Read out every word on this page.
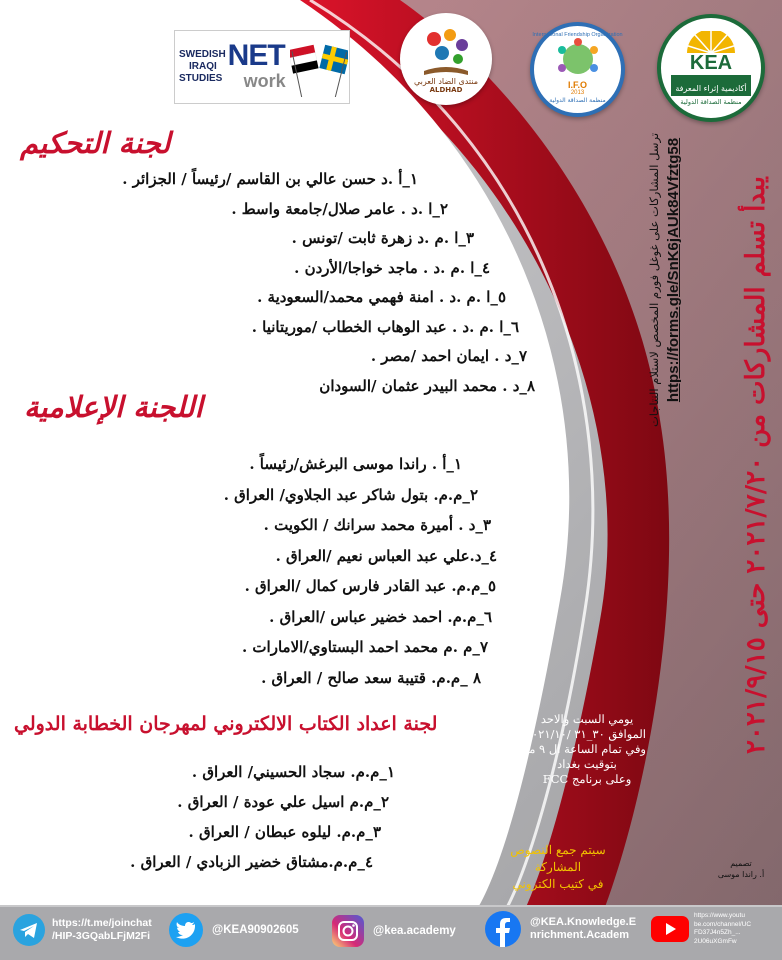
SWEDISH
IRAQI
STUDIES
NET
work	منتدى الضاد العربي
ALDHAD
International Friendship Organization
I.F.O
2013
منظمة الصداقة الدولية
KEA
أكاديمية إثراء المعرفة
منظمة الصداقة الدولية
لجنة التحكيم
١_أ .د حسن عالي بن القاسم /رئيساً / الجزائر .
٢_ا .د . عامر صلال/جامعة واسط .
٣_ا .م .د زهرة ثابت /تونس .
٤_ا .م .د . ماجد خواجا/الأردن .
٥_ا .م .د . امنة فهمي محمد/السعودية .
٦_ا .م .د . عبد الوهاب الخطاب /موريتانيا .
٧_د . ايمان احمد /مصر .
٨_د . محمد البيدر عثمان /السودان
اللجنة الإعلامية
١_أ . راندا موسى البرغش/رئيساً .
٢_م.م. بتول شاكر عبد الجلاوي/ العراق .
٣_د . أميرة محمد سرانك / الكويت .
٤_د.علي عبد العباس نعيم /العراق .
٥_م.م. عبد القادر فارس كمال /العراق .
٦_م.م. احمد خضير عباس /العراق .
٧_م .م محمد احمد البستاوي/الامارات .
٨ _م.م. قتيبة سعد صالح / العراق .
لجنة اعداد الكتاب الالكتروني لمهرجان الخطابة الدولي
١_م.م. سجاد الحسيني/ العراق .
٢_م.م اسيل علي عودة / العراق .
٣_م.م. ليلوه عبطان / العراق .
٤_م.م.مشتاق خضير الزبادي / العراق .
يبدأ تسلم المشاركات من ٢٠٢١/٧/٢٠ حتى ٢٠٢١/٩/١٥
ترسل المشاركات على غوغل فورم المخصص لاستلام النتاجات https://forms.gle/SnK6jAUk84Vfztg58
يومي السبت والاحد
الموافق ٣٠_٣١ /٢٠٢١/١٠
وفي تمام الساعة ال ٩ مساء
بتوقيت بغداد
وعلى برنامج FCC
سيتم جمع النصوص المشاركة
في كتيب الكتروني
تصميم
أ. راندا موسى
https://t.me/joinchat
/HIP-3GQabLFjM2Fi
@KEA90902605	@kea.academy
@KEA.Knowledge.E
nrichment.Academ
https://www.youtu
be.com/channel/UC
FD37J4n5Zh_...
2U06uXGmFw
